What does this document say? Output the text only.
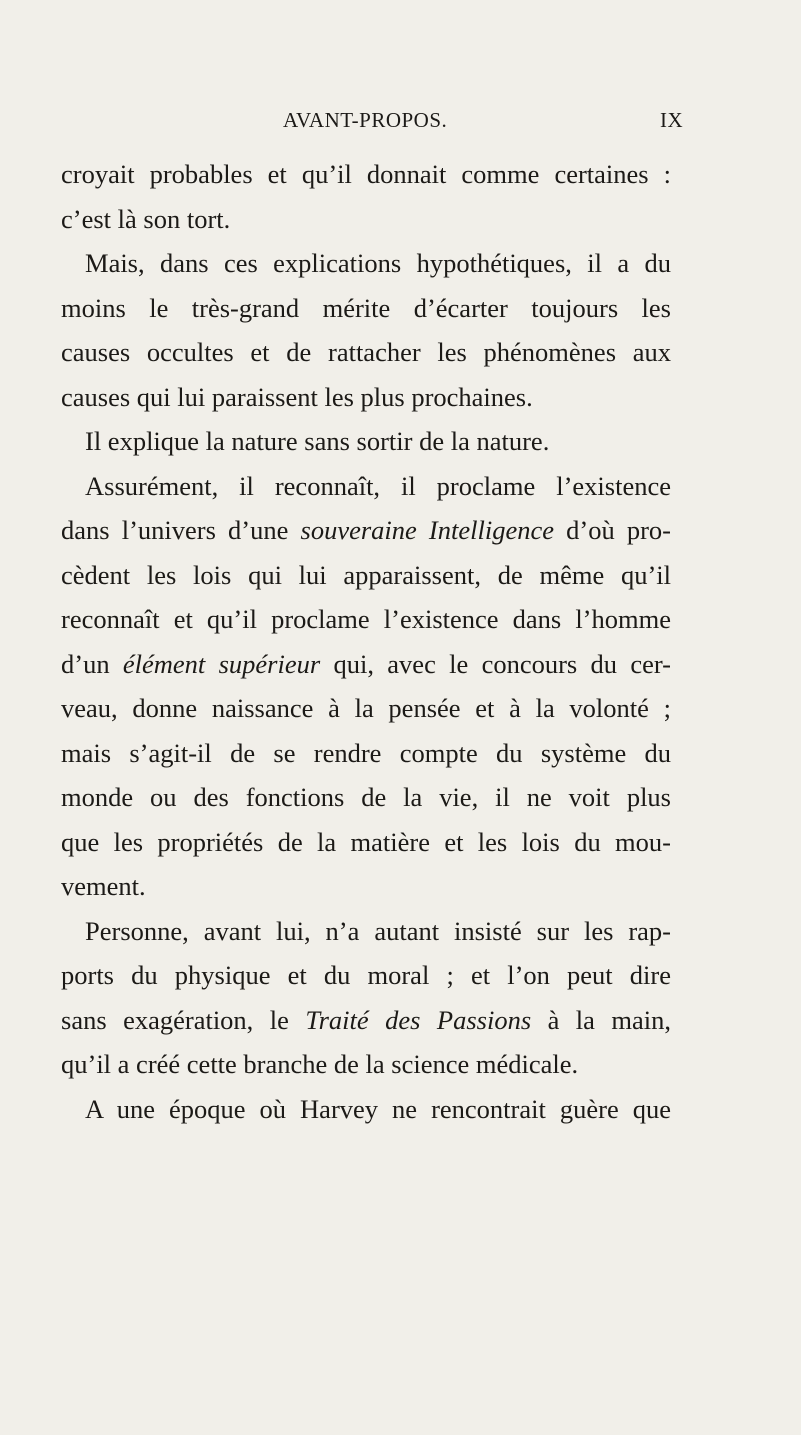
AVANT-PROPOS.	IX
croyait probables et qu’il donnait comme certaines :
c’est là son tort.
Mais, dans ces explications hypothétiques, il a du
moins le très-grand mérite d’écarter toujours les
causes occultes et de rattacher les phénomènes aux
causes qui lui paraissent les plus prochaines.
Il explique la nature sans sortir de la nature.
Assurément, il reconnaît, il proclame l’existence
dans l’univers d’une souveraine Intelligence d’où pro-
cèdent les lois qui lui apparaissent, de même qu’il
reconnaît et qu’il proclame l’existence dans l’homme
d’un élément supérieur qui, avec le concours du cer-
veau, donne naissance à la pensée et à la volonté ;
mais s’agit-il de se rendre compte du système du
monde ou des fonctions de la vie, il ne voit plus
que les propriétés de la matière et les lois du mou-
vement.
Personne, avant lui, n’a autant insisté sur les rap-
ports du physique et du moral ; et l’on peut dire
sans exagération, le Traité des Passions à la main,
qu’il a créé cette branche de la science médicale.
A une époque où Harvey ne rencontrait guère que
